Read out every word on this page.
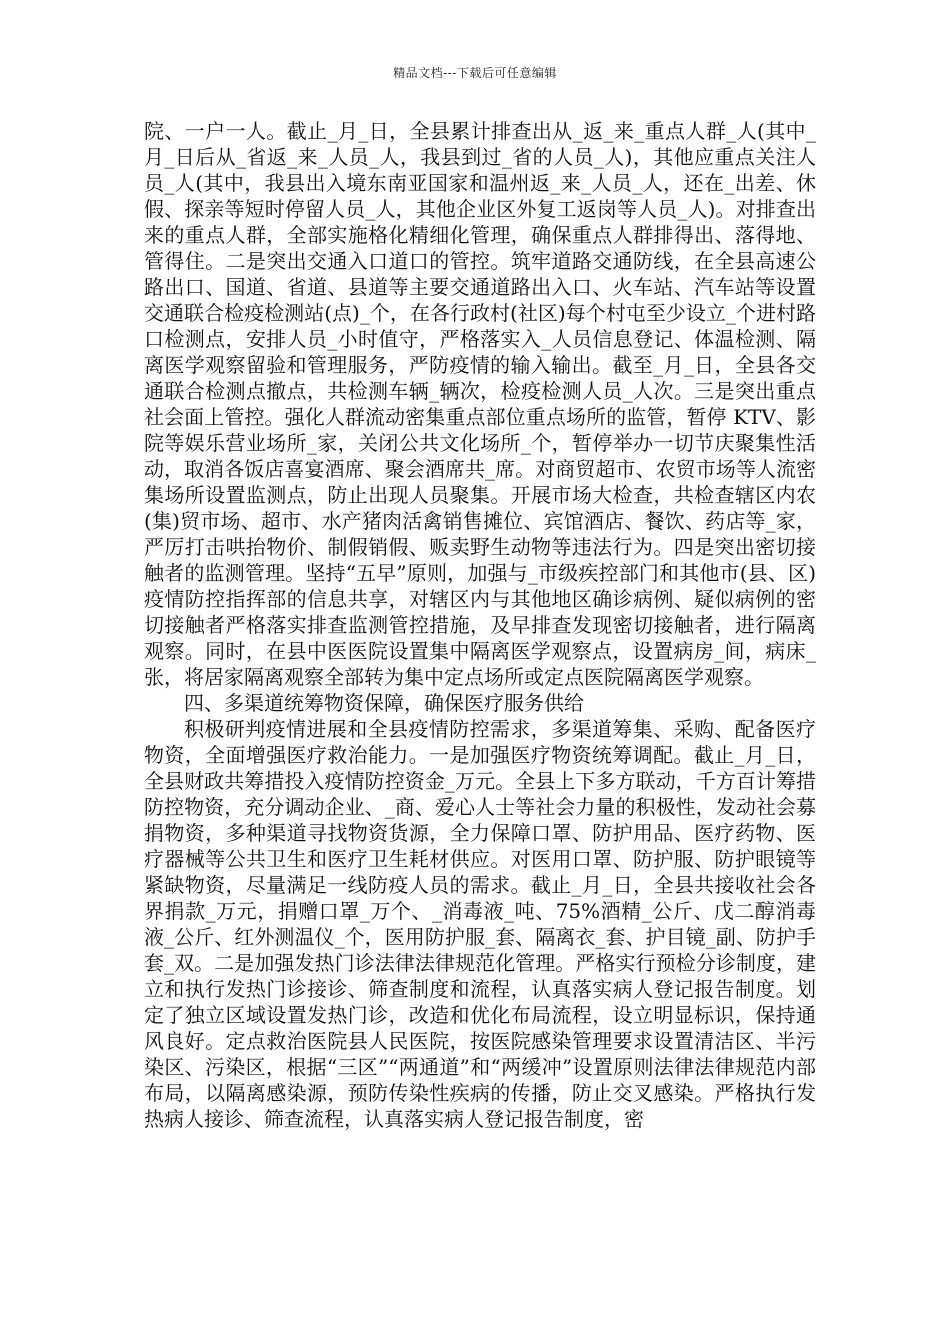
精品文档---下载后可任意编辑

院、一户一人。截止_月_日，全县累计排查出从_返_来_重点人群_人(其中_月_日后从_省返_来_人员_人，我县到过_省的人员_人)，其他应重点关注人员_人(其中，我县出入境东南亚国家和温州返_来_人员_人，还在_出差、休假、探亲等短时停留人员_人，其他企业区外复工返岗等人员_人)。对排查出来的重点人群，全部实施格化精细化管理，确保重点人群排得出、落得地、管得住。二是突出交通入口道口的管控。筑牢道路交通防线，在全县高速公路出口、国道、省道、县道等主要交通道路出入口、火车站、汽车站等设置交通联合检疫检测站(点)_个，在各行政村(社区)每个村屯至少设立_个进村路口检测点，安排人员_小时值守，严格落实入_人员信息登记、体温检测、隔离医学观察留验和管理服务，严防疫情的输入输出。截至_月_日，全县各交通联合检测点撤点，共检测车辆_辆次，检疫检测人员_人次。三是突出重点社会面上管控。强化人群流动密集重点部位重点场所的监管，暂停 KTV、影院等娱乐营业场所_家，关闭公共文化场所_个，暂停举办一切节庆聚集性活动，取消各饭店喜宴酒席、聚会酒席共_席。对商贸超市、农贸市场等人流密集场所设置监测点，防止出现人员聚集。开展市场大检查，共检查辖区内农(集)贸市场、超市、水产猪肉活禽销售摊位、宾馆酒店、餐饮、药店等_家，严厉打击哄抬物价、制假销假、贩卖野生动物等违法行为。四是突出密切接触者的监测管理。坚持“五早”原则，加强与_市级疾控部门和其他市(县、区)疫情防控指挥部的信息共享，对辖区内与其他地区确诊病例、疑似病例的密切接触者严格落实排查监测管控措施，及早排查发现密切接触者，进行隔离观察。同时，在县中医医院设置集中隔离医学观察点，设置病房_间，病床_张，将居家隔离观察全部转为集中定点场所或定点医院隔离医学观察。

四、多渠道统筹物资保障，确保医疗服务供给

积极研判疫情进展和全县疫情防控需求，多渠道筹集、采购、配备医疗物资，全面增强医疗救治能力。一是加强医疗物资统筹调配。截止_月_日，全县财政共筹措投入疫情防控资金_万元。全县上下多方联动，千方百计筹措防控物资，充分调动企业、_商、爱心人士等社会力量的积极性，发动社会募捐物资，多种渠道寻找物资货源，全力保障口罩、防护用品、医疗药物、医疗器械等公共卫生和医疗卫生耗材供应。对医用口罩、防护服、防护眼镜等紧缺物资，尽量满足一线防疫人员的需求。截止_月_日，全县共接收社会各界捐款_万元，捐赠口罩_万个、_消毒液_吨、75%酒精_公斤、戊二醇消毒液_公斤、红外测温仪_个，医用防护服_套、隔离衣_套、护目镜_副、防护手套_双。二是加强发热门诊法律法律规范化管理。严格实行预检分诊制度，建立和执行发热门诊接诊、筛查制度和流程，认真落实病人登记报告制度。划定了独立区域设置发热门诊，改造和优化布局流程，设立明显标识，保持通风良好。定点救治医院县人民医院，按医院感染管理要求设置清洁区、半污染区、污染区，根据“三区”“两通道”和“两缓冲”设置原则法律法律规范内部布局，以隔离感染源，预防传染性疾病的传播，防止交叉感染。严格执行发热病人接诊、筛查流程，认真落实病人登记报告制度，密
